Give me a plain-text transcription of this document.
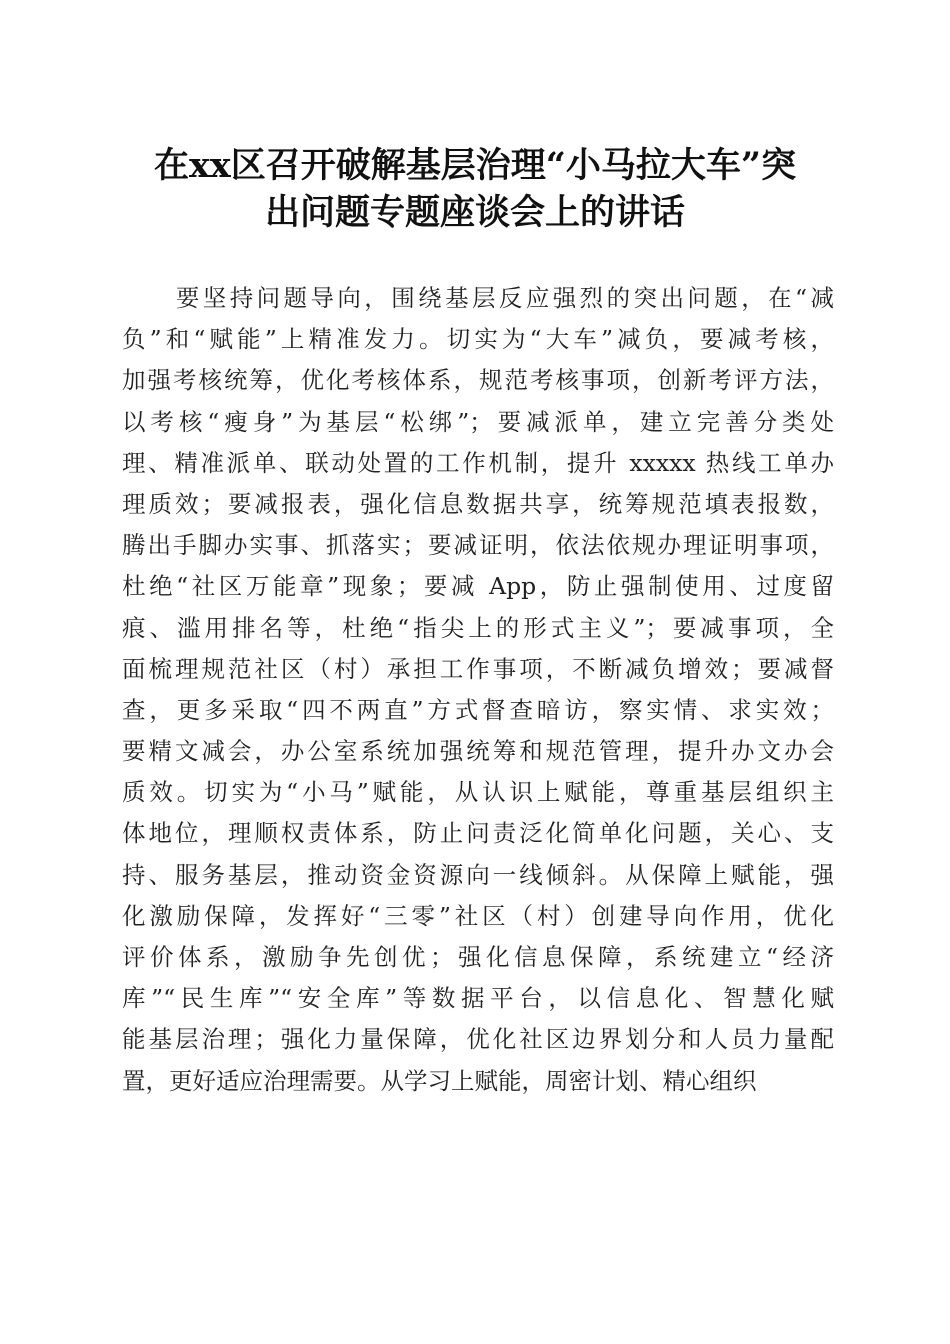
在xx区召开破解基层治理“小马拉大车”突
出问题专题座谈会上的讲话
　　要坚持问题导向，围绕基层反应强烈的突出问题，在“减
负”和“赋能”上精准发力。切实为“大车”减负，要减考核，
加强考核统筹，优化考核体系，规范考核事项，创新考评方法，
以考核“瘦身”为基层“松绑”；要减派单，建立完善分类处
理、精准派单、联动处置的工作机制，提升 xxxxx 热线工单办
理质效；要减报表，强化信息数据共享，统筹规范填表报数，
腾出手脚办实事、抓落实；要减证明，依法依规办理证明事项，
杜绝“社区万能章”现象；要减 App，防止强制使用、过度留
痕、滥用排名等，杜绝“指尖上的形式主义”；要减事项，全
面梳理规范社区（村）承担工作事项，不断减负增效；要减督
查，更多采取“四不两直”方式督查暗访，察实情、求实效；
要精文减会，办公室系统加强统筹和规范管理，提升办文办会
质效。切实为“小马”赋能，从认识上赋能，尊重基层组织主
体地位，理顺权责体系，防止问责泛化简单化问题，关心、支
持、服务基层，推动资金资源向一线倾斜。从保障上赋能，强
化激励保障，发挥好“三零”社区（村）创建导向作用，优化
评价体系，激励争先创优；强化信息保障，系统建立“经济
库”“民生库”“安全库”等数据平台，以信息化、智慧化赋
能基层治理；强化力量保障，优化社区边界划分和人员力量配
置，更好适应治理需要。从学习上赋能，周密计划、精心组织
